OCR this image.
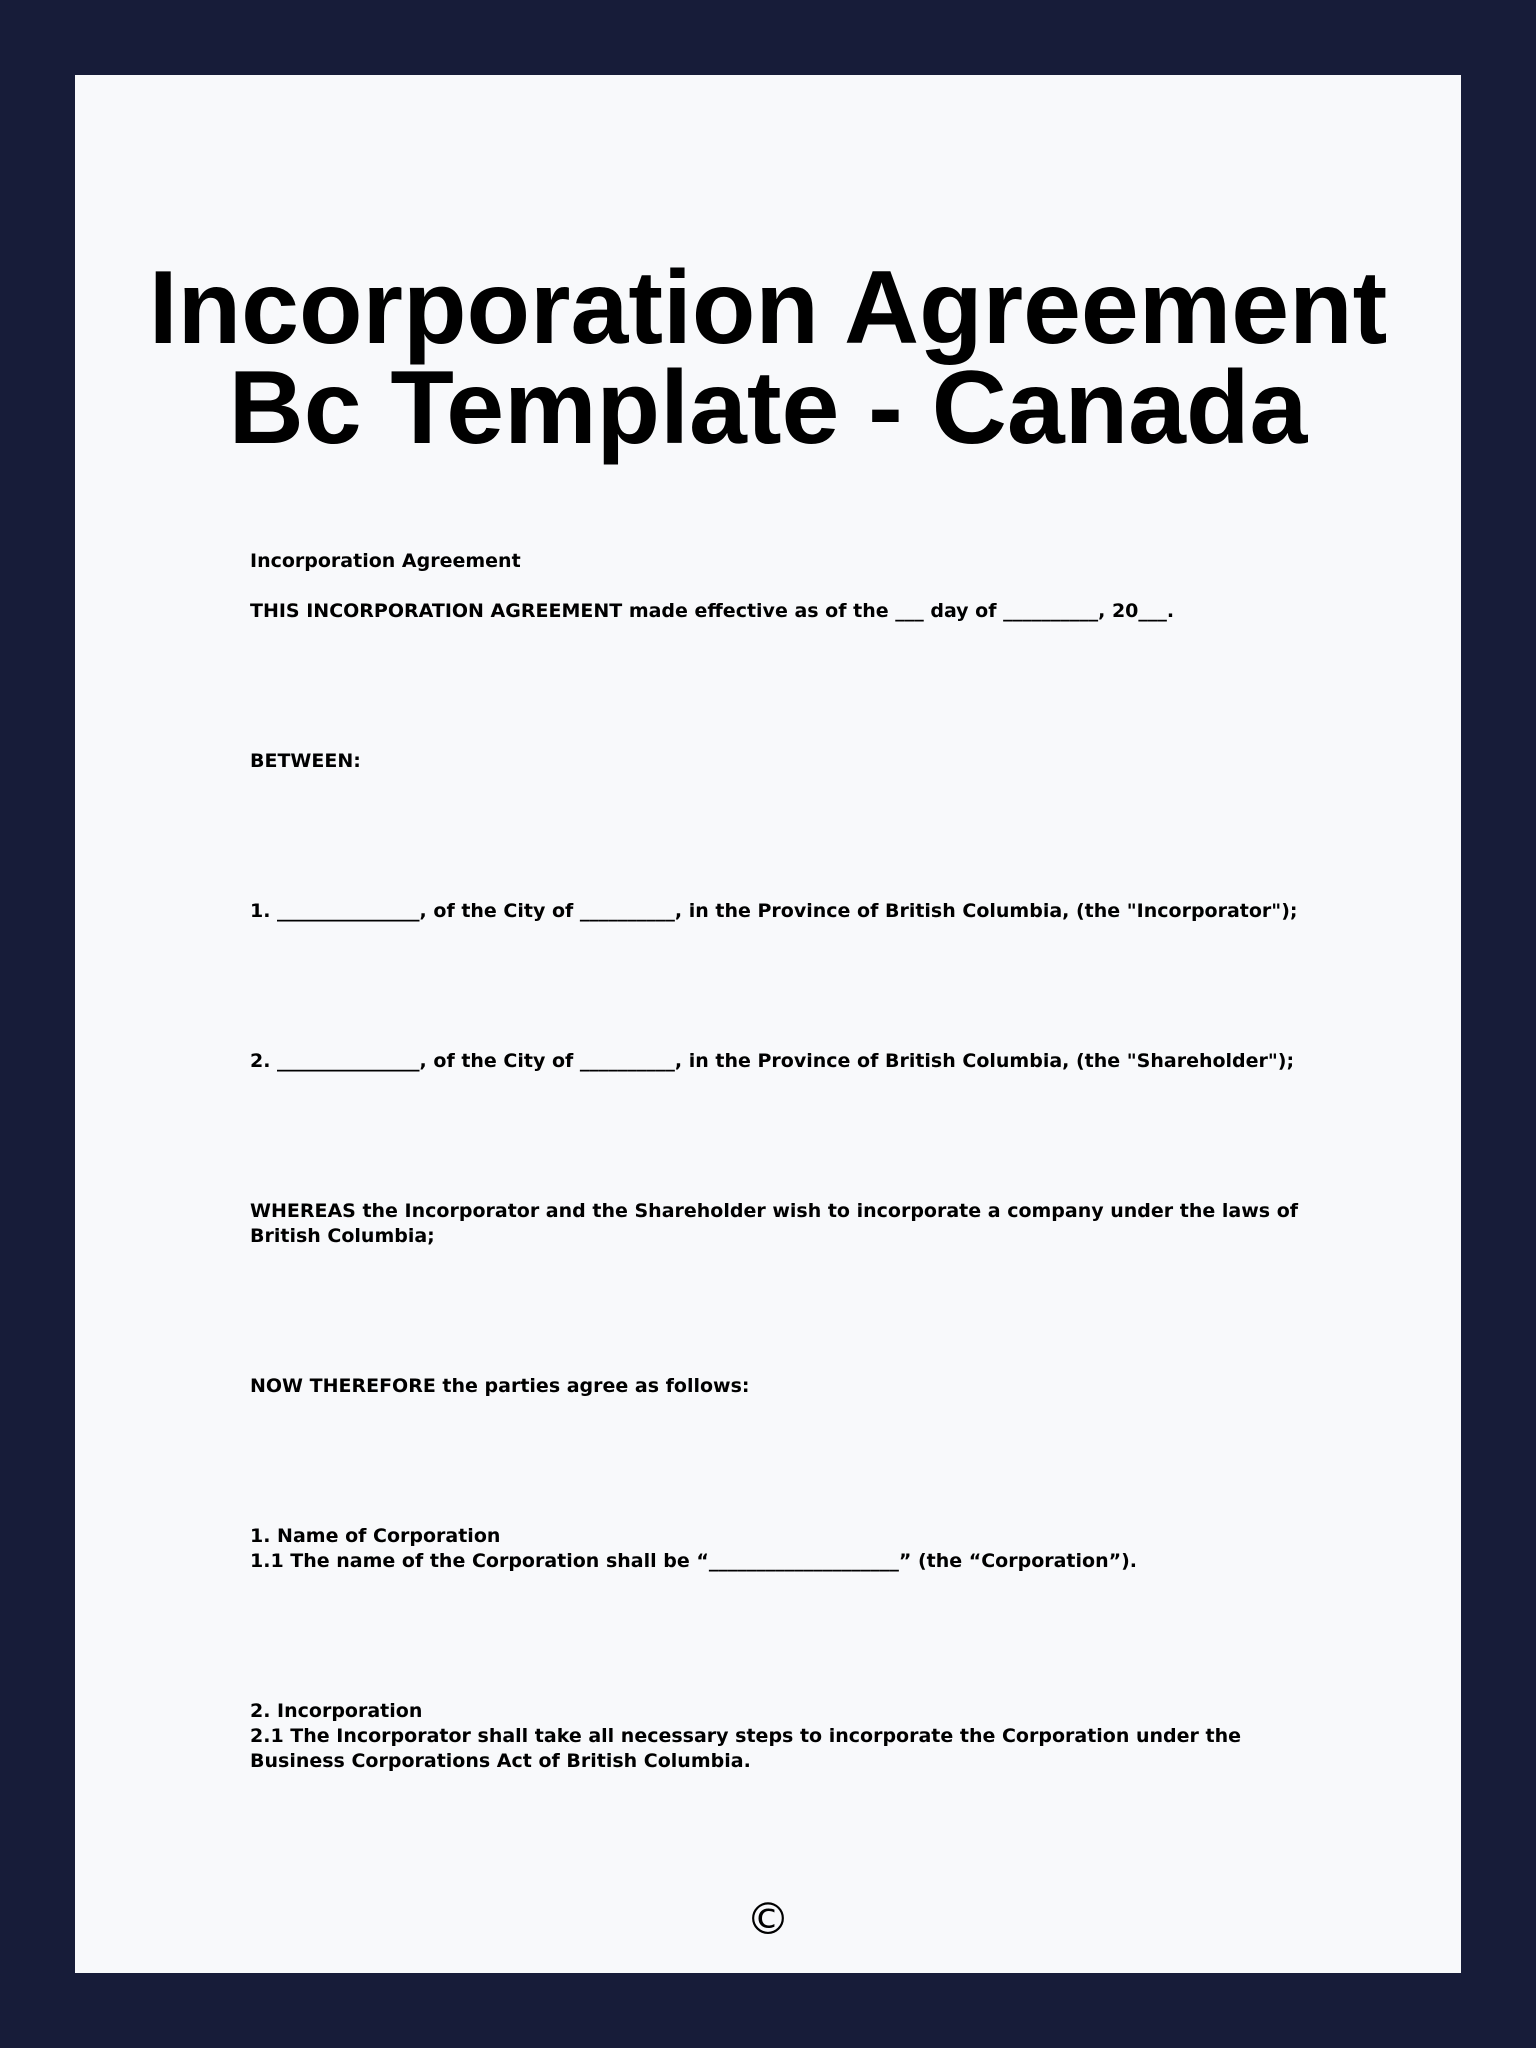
Incorporation Agreement Bc Template - Canada

Incorporation Agreement

THIS INCORPORATION AGREEMENT made effective as of the ___ day of __________, 20___.

BETWEEN:

1. _______________, of the City of __________, in the Province of British Columbia, (the "Incorporator");

2. _______________, of the City of __________, in the Province of British Columbia, (the "Shareholder");

WHEREAS the Incorporator and the Shareholder wish to incorporate a company under the laws of British Columbia;

NOW THEREFORE the parties agree as follows:

1. Name of Corporation

1.1 The name of the Corporation shall be “____________________” (the “Corporation”).

2. Incorporation

2.1 The Incorporator shall take all necessary steps to incorporate the Corporation under the Business Corporations Act of British Columbia.

©
